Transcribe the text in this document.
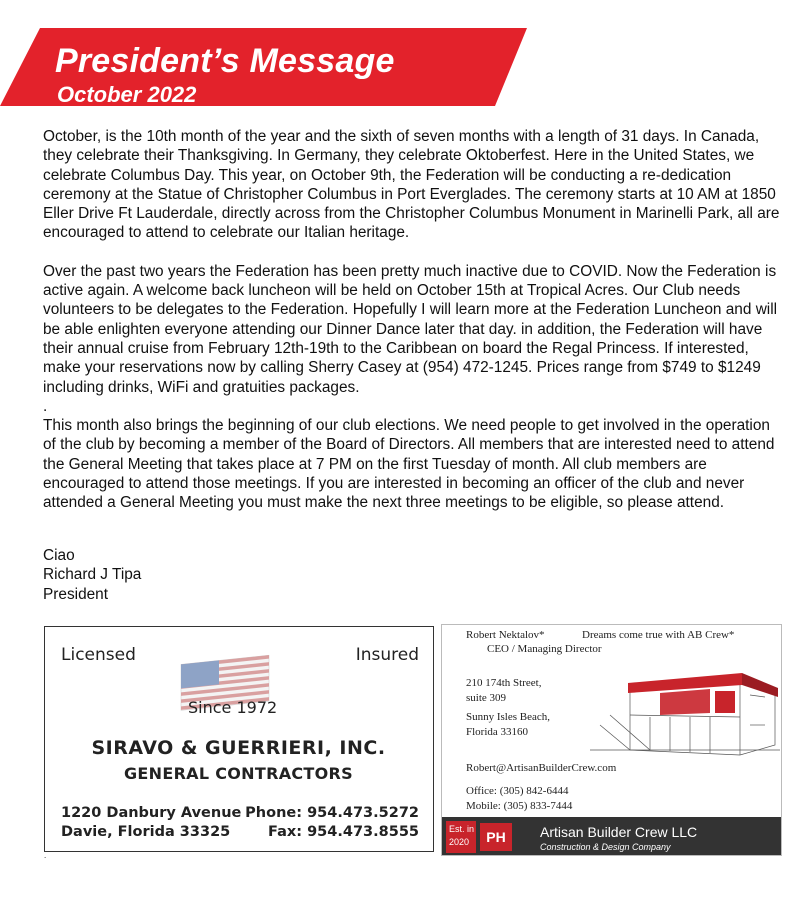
President’s Message
October 2022

October, is the 10th month of the year and the sixth of seven months with a length of 31 days. In Canada, they celebrate their Thanksgiving. In Germany, they celebrate Oktoberfest. Here in the United States, we celebrate Columbus Day. This year, on October 9th, the Federation will be conducting a re-dedication ceremony at the Statue of Christopher Columbus in Port Everglades. The ceremony starts at 10 AM at 1850 Eller Drive Ft Lauderdale, directly across from the Christopher Columbus Monument in Marinelli Park, all are encouraged to attend to celebrate our Italian heritage.

Over the past two years the Federation has been pretty much inactive due to COVID. Now the Federation is active again. A welcome back luncheon will be held on October 15th at Tropical Acres. Our Club needs volunteers to be delegates to the Federation. Hopefully I will learn more at the Federation Luncheon and will be able enlighten everyone attending our Dinner Dance later that day. in addition, the Federation will have their annual cruise from February 12th-19th to the Caribbean on board the Regal Princess. If interested, make your reservations now by calling Sherry Casey at (954) 472-1245. Prices range from $749 to $1249 including drinks, WiFi and gratuities packages.

.

This month also brings the beginning of our club elections. We need people to get involved in the operation of the club by becoming a member of the Board of Directors. All members that are interested need to attend the General Meeting that takes place at 7 PM on the first Tuesday of month. All club members are encouraged to attend those meetings. If you are interested in becoming an officer of the club and never attended a General Meeting you must make the next three meetings to be eligible, so please attend.

Ciao
Richard J Tipa
President
Licensed	Insured
Since 1972
SIRAVO & GUERRIERI, INC.
GENERAL CONTRACTORS
1220 Danbury Avenue
Davie, Florida 33325
Phone: 954.473.5272
Fax: 954.473.8555
.
Robert Nektalov*	Dreams come true with AB Crew*
CEO / Managing Director
210 174th Street,
suite 309
Sunny Isles Beach,
Florida 33160
Robert@ArtisanBuilderCrew.com
Office: (305) 842-6444
Mobile: (305) 833-7444
Est. in
2020	PH	Artisan Builder Crew LLC
Construction & Design Company
